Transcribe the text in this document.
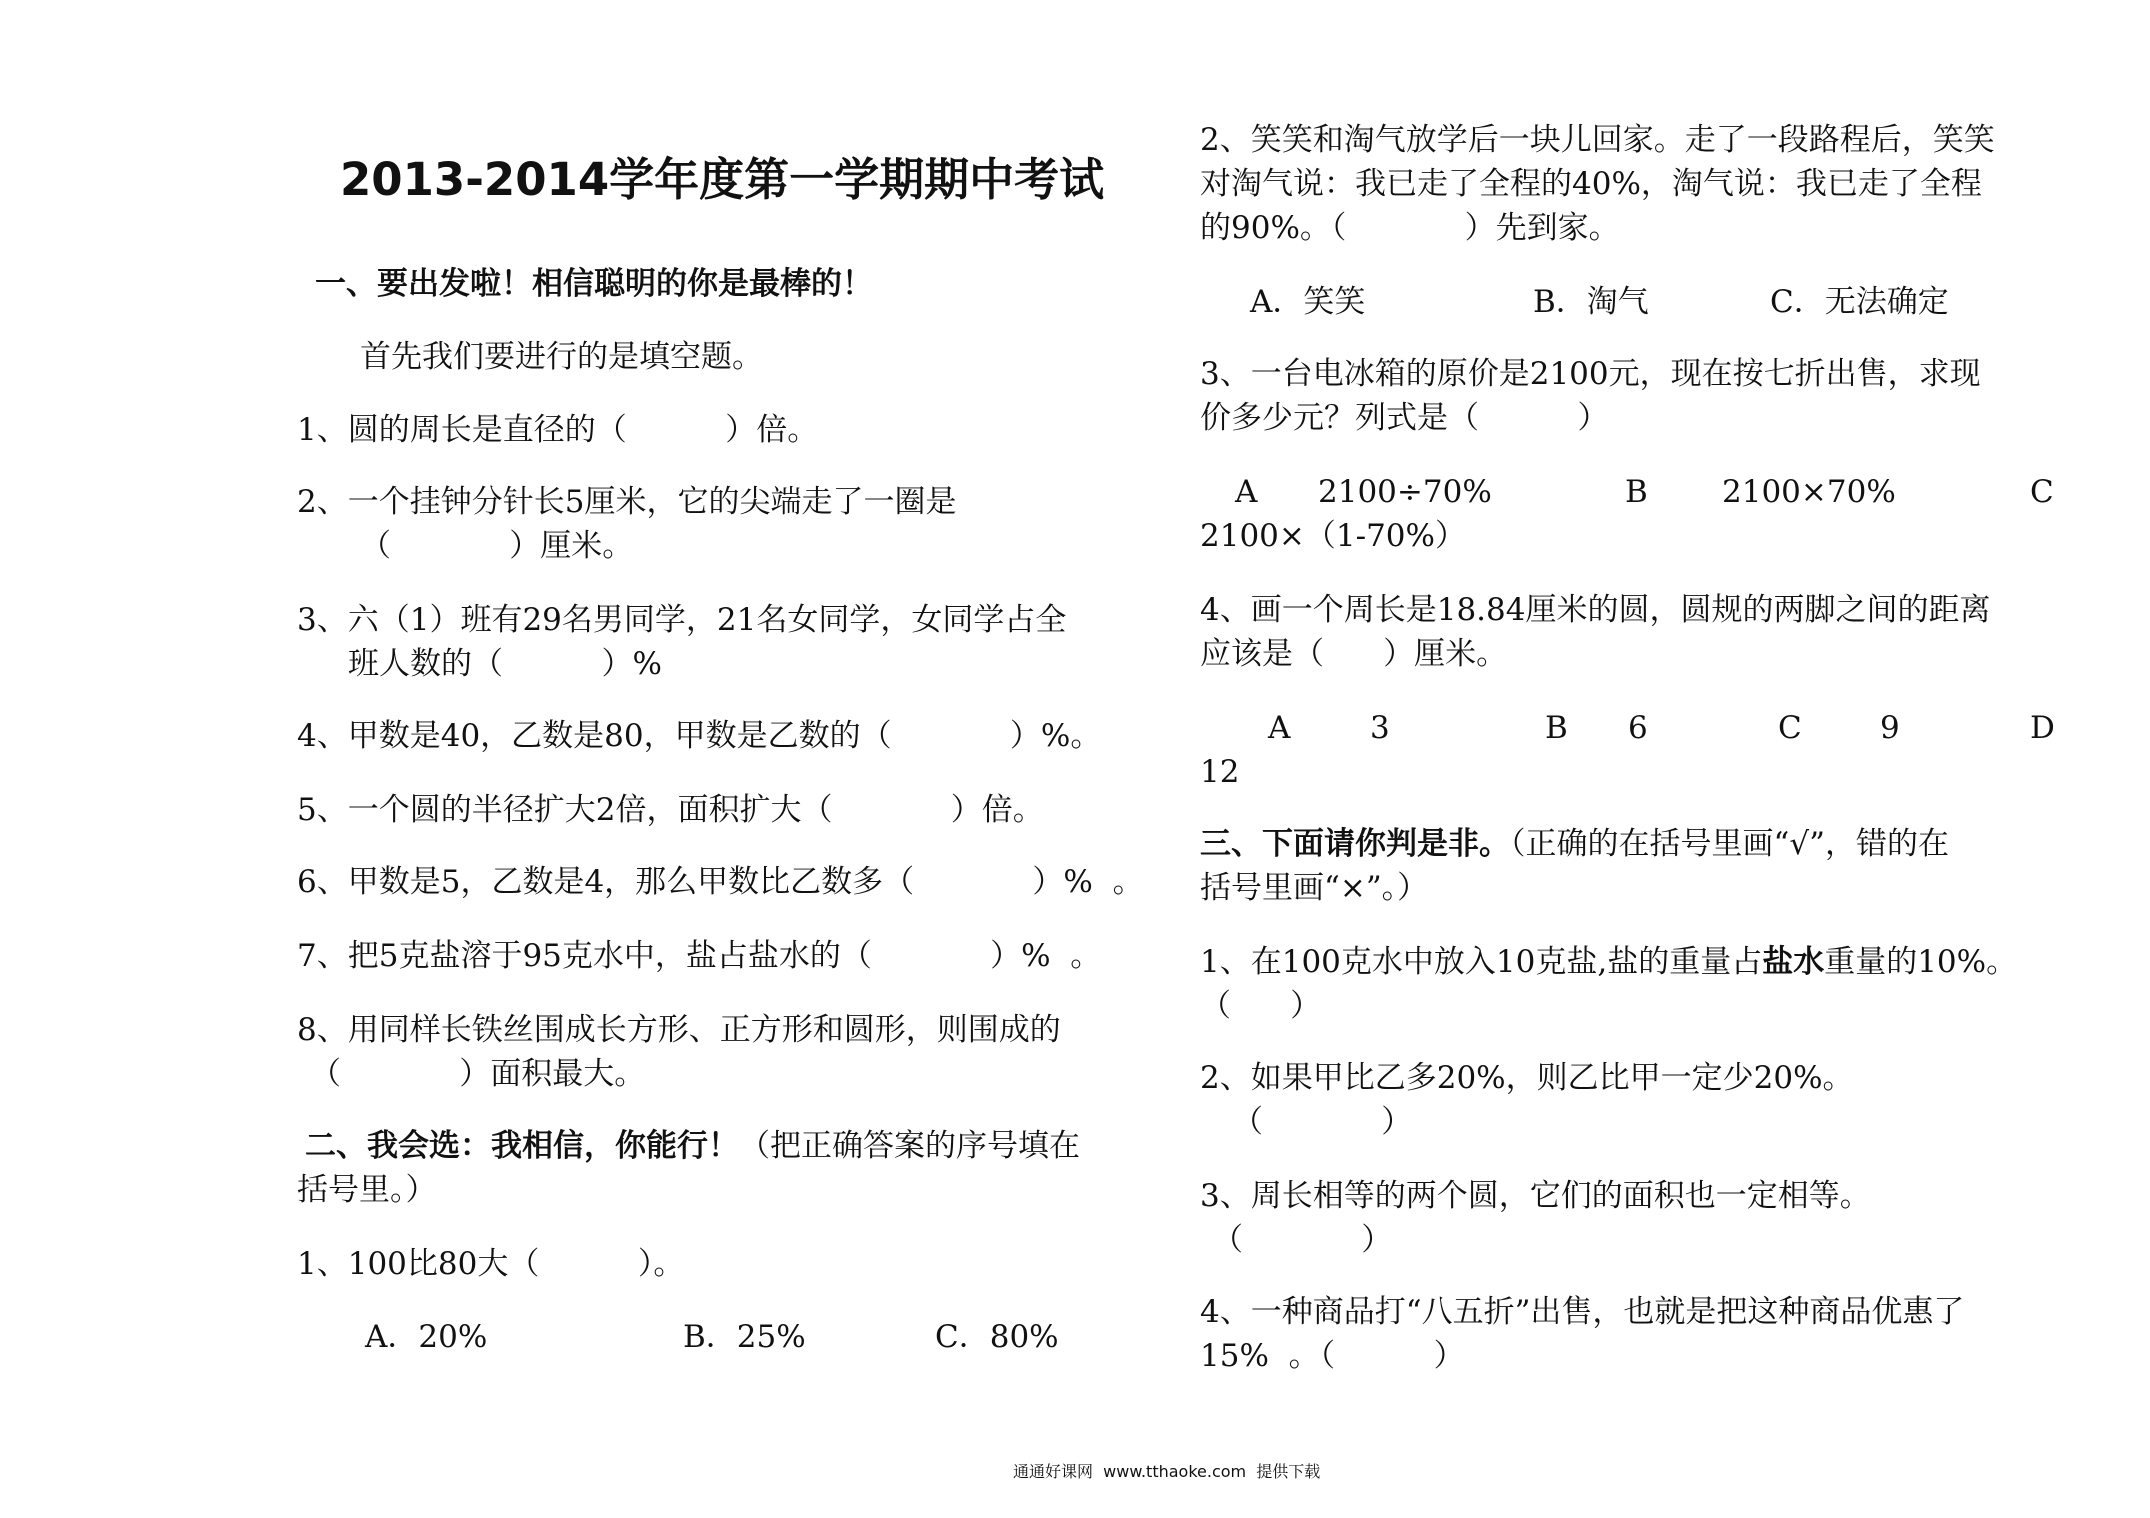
2013-2014学年度第一学期期中考试
一、要出发啦！相信聪明的你是最棒的！
首先我们要进行的是填空题。
1、圆的周长是直径的（          ）倍。
2、一个挂钟分针长5厘米，它的尖端走了一圈是
（            ）厘米。
3、六（1）班有29名男同学，21名女同学，女同学占全
班人数的（          ）%
4、甲数是40，乙数是80，甲数是乙数的（            ）%。
5、一个圆的半径扩大2倍，面积扩大（            ）倍。
6、甲数是5，乙数是4，那么甲数比乙数多（            ）%  。
7、把5克盐溶于95克水中，盐占盐水的（            ）%  。
8、用同样长铁丝围成长方形、正方形和圆形，则围成的
（            ）面积最大。
二、我会选：我相信，你能行！（把正确答案的序号填在
括号里。）
1、100比80大（          ）。
A．20%	B．25%	C．80%
2、笑笑和淘气放学后一块儿回家。走了一段路程后，笑笑
对淘气说：我已走了全程的40%，淘气说：我已走了全程
的90%。（            ）先到家。
A．笑笑	B．淘气	C．无法确定
3、一台电冰箱的原价是2100元，现在按七折出售，求现
价多少元？列式是（          ）
A 2100÷70%	B 2100×70%	C
2100×（1-70%）
4、画一个周长是18.84厘米的圆，圆规的两脚之间的距离
应该是（      ）厘米。
A	3	B 6	C	9	D
12
三、下面请你判是非。（正确的在括号里画“√”，错的在
括号里画“×”。）
1、在100克水中放入10克盐,盐的重量占盐水重量的10%。
（      ）
2、如果甲比乙多20%，则乙比甲一定少20%。
（            ）
3、周长相等的两个圆，它们的面积也一定相等。
（            ）
4、一种商品打“八五折”出售，也就是把这种商品优惠了
15%  。（          ）
通通好课网  www.tthaoke.com  提供下载
